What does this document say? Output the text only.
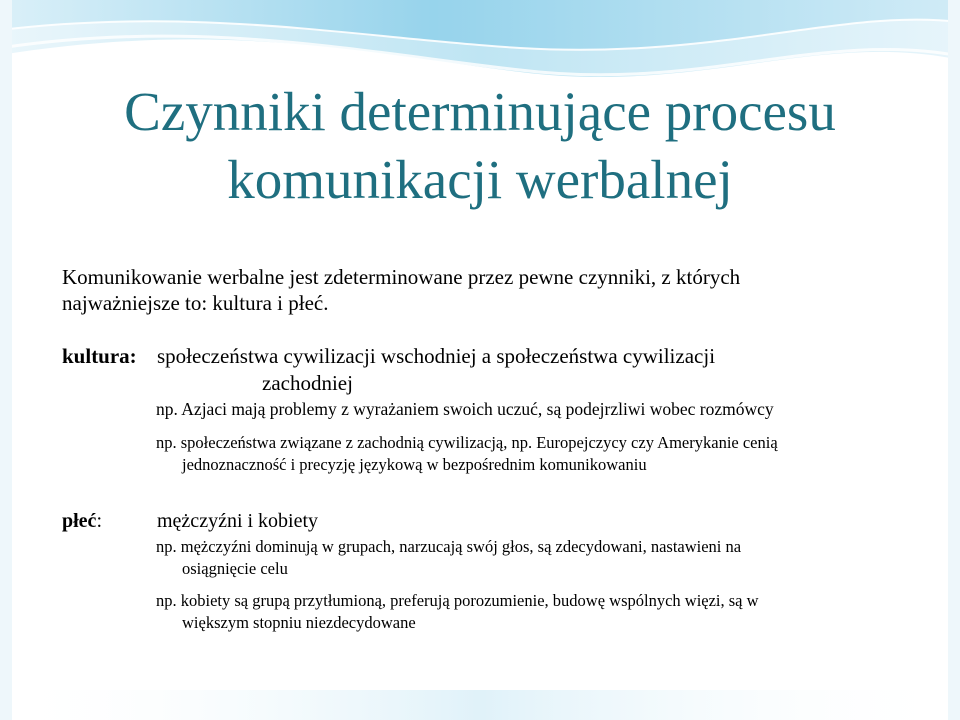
Czynniki determinujące procesu
komunikacji werbalnej
Komunikowanie werbalne jest zdeterminowane przez pewne czynniki, z których
najważniejsze to: kultura i płeć.
kultura: społeczeństwa cywilizacji wschodniej a społeczeństwa cywilizacji
zachodniej
np. Azjaci mają problemy z wyrażaniem swoich uczuć, są podejrzliwi wobec rozmówcy
np. społeczeństwa związane z zachodnią cywilizacją, np. Europejczycy czy Amerykanie cenią
jednoznaczność i precyzję językową w bezpośrednim komunikowaniu
płeć:	mężczyźni i kobiety
np. mężczyźni dominują w grupach, narzucają swój głos, są zdecydowani, nastawieni na
osiągnięcie celu
np. kobiety są grupą przytłumioną, preferują porozumienie, budowę wspólnych więzi, są w
większym stopniu niezdecydowane
